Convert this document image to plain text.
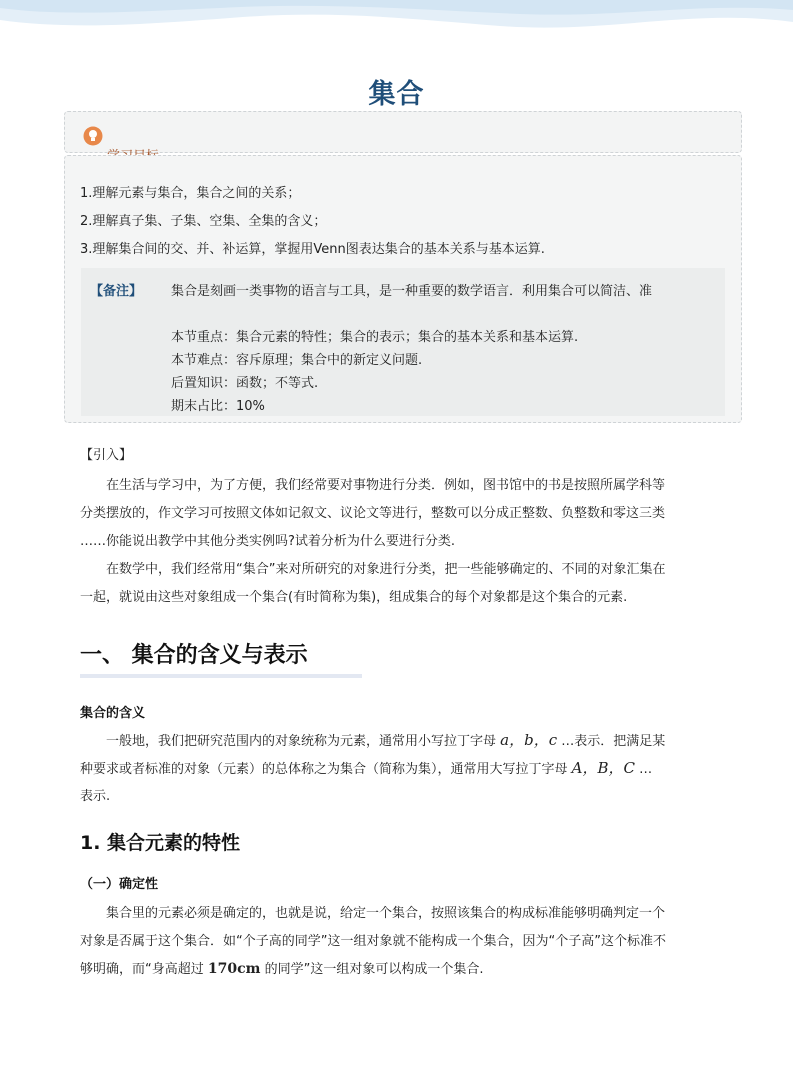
集合
1.理解元素与集合，集合之间的关系；
2.理解真子集、子集、空集、全集的含义；
3.理解集合间的交、并、补运算，掌握用Venn图表达集合的基本关系与基本运算.
【备注】 集合是刻画一类事物的语言与工具，是一种重要的数学语言．利用集合可以简洁、准
本节重点：集合元素的特性；集合的表示；集合的基本关系和基本运算.
本节难点：容斥原理；集合中的新定义问题.
后置知识：函数；不等式.
期末占比：10%
【引入】
在生活与学习中，为了方便，我们经常要对事物进行分类．例如，图书馆中的书是按照所属学科等
分类摆放的，作文学习可按照文体如记叙文、议论文等进行，整数可以分成正整数、负整数和零这三类
……你能说出教学中其他分类实例吗?试着分析为什么要进行分类.
在数学中，我们经常用“集合”来对所研究的对象进行分类，把一些能够确定的、不同的对象汇集在
一起，就说由这些对象组成一个集合(有时简称为集)，组成集合的每个对象都是这个集合的元素.
一、 集合的含义与表示
集合的含义
一般地，我们把研究范围内的对象统称为元素，通常用小写拉丁字母 a，b，c …表示．把满足某
种要求或者标准的对象（元素）的总体称之为集合（简称为集），通常用大写拉丁字母 A，B，C …
表示.
1. 集合元素的特性
（一）确定性
集合里的元素必须是确定的，也就是说，给定一个集合，按照该集合的构成标准能够明确判定一个
对象是否属于这个集合．如“个子高的同学”这一组对象就不能构成一个集合，因为“个子高”这个标准不
够明确，而“身高超过 170cm 的同学”这一组对象可以构成一个集合.
